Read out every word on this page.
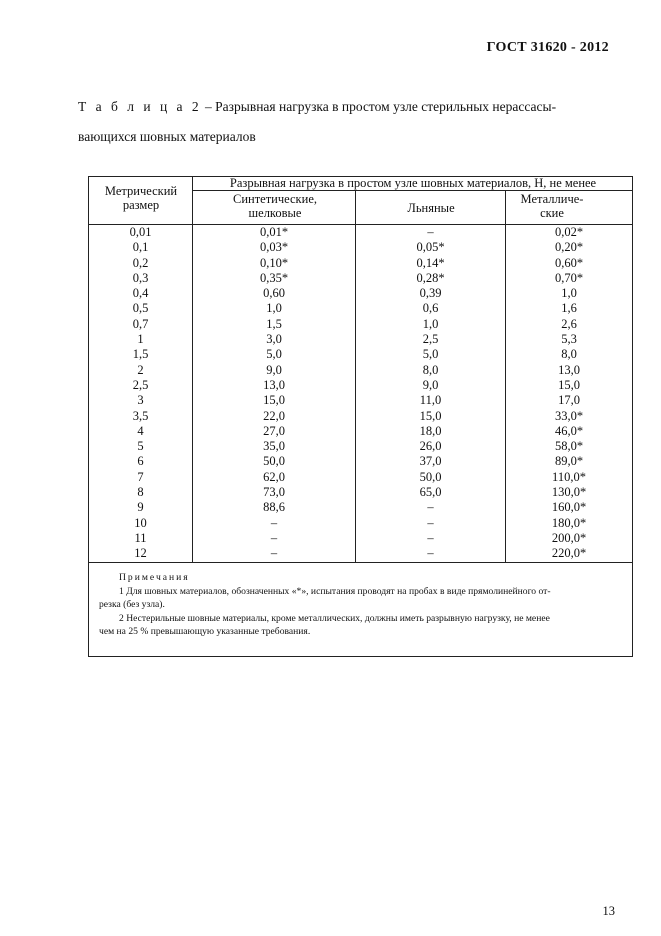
ГОСТ 31620 - 2012
Т а б л и ц а 2 – Разрывная нагрузка в простом узле стерильных нерассасы-
вающихся шовных материалов
Метрический размер
Разрывная нагрузка в простом узле шовных материалов, Н, не менее
Синтетические, шелковые	Льняные
Металличе-ские
0,01
0,1
0,2
0,3
0,4
0,5
0,7
1
1,5
2
2,5
3
3,5
4
5
6
7
8
9
10
11
12
0,01*
0,03*
0,10*
0,35*
0,60
1,0
1,5
3,0
5,0
9,0
13,0
15,0
22,0
27,0
35,0
50,0
62,0
73,0
88,6
–
–
–
–
0,05*
0,14*
0,28*
0,39
0,6
1,0
2,5
5,0
8,0
9,0
11,0
15,0
18,0
26,0
37,0
50,0
65,0
–
–
–
–
0,02*
0,20*
0,60*
0,70*
1,0
1,6
2,6
5,3
8,0
13,0
15,0
17,0
33,0*
46,0*
58,0*
89,0*
110,0*
130,0*
160,0*
180,0*
200,0*
220,0*
Примечания

1 Для шовных материалов, обозначенных «*», испытания проводят на пробах в виде прямолинейного от-

резка (без узла).

2 Нестерильные шовные материалы, кроме металлических, должны иметь разрывную нагрузку, не менее

чем на 25 % превышающую указанные требования.

13
